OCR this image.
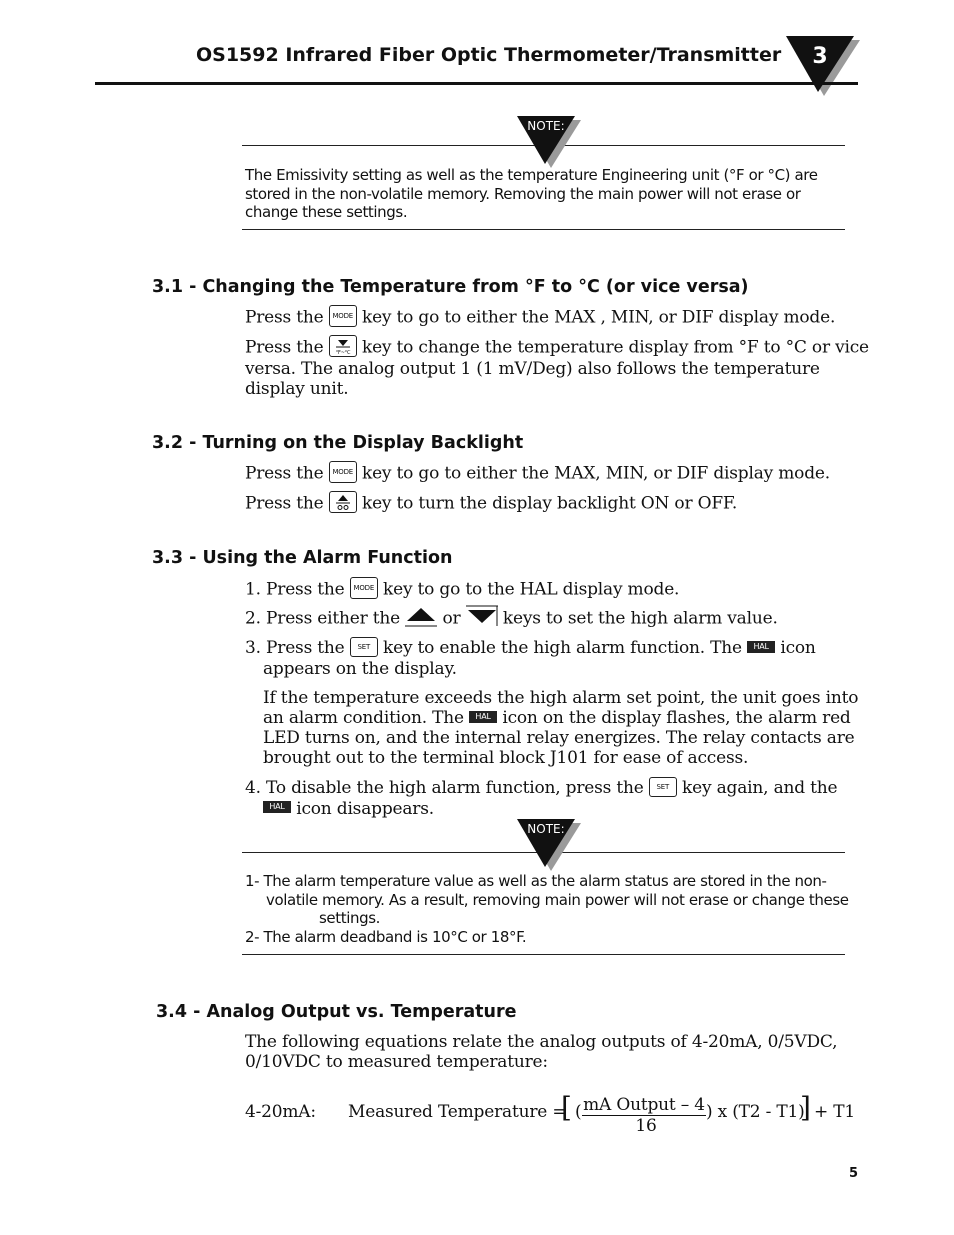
OS1592 Infrared Fiber Optic Thermometer/Transmitter 3
NOTE:
The Emissivity setting as well as the temperature Engineering unit (°F or °C) are
stored in the non-volatile memory. Removing the main power will not erase or
change these settings.
3.1 - Changing the Temperature from °F to °C (or vice versa)
Press the MODE key to go to either the MAX , MIN, or DIF display mode.
Press the °F~°C key to change the temperature display from °F to °C or vice
versa. The analog output 1 (1 mV/Deg) also follows the temperature
display unit.
3.2 - Turning on the Display Backlight
Press the MODE key to go to either the MAX, MIN, or DIF display mode.
Press the key to turn the display backlight ON or OFF.
3.3 - Using the Alarm Function
1. Press the MODE key to go to the HAL display mode.
2. Press either the or keys to set the high alarm value.
3. Press the SET key to enable the high alarm function. The HAL icon
appears on the display.
If the temperature exceeds the high alarm set point, the unit goes into
an alarm condition. The HAL icon on the display flashes, the alarm red
LED turns on, and the internal relay energizes. The relay contacts are
brought out to the terminal block J101 for ease of access.
4. To disable the high alarm function, press the SET key again, and the
HAL icon disappears.
NOTE:
1- The alarm temperature value as well as the alarm status are stored in the non-
volatile memory. As a result, removing main power will not erase or change these
settings.
2- The alarm deadband is 10°C or 18°F.
3.4 - Analog Output vs. Temperature
The following equations relate the analog outputs of 4-20mA, 0/5VDC,
0/10VDC to measured temperature:
4-20mA: Measured Temperature =
[ ( mA Output – 4
16
) x (T2 - T1)
] + T1
5
